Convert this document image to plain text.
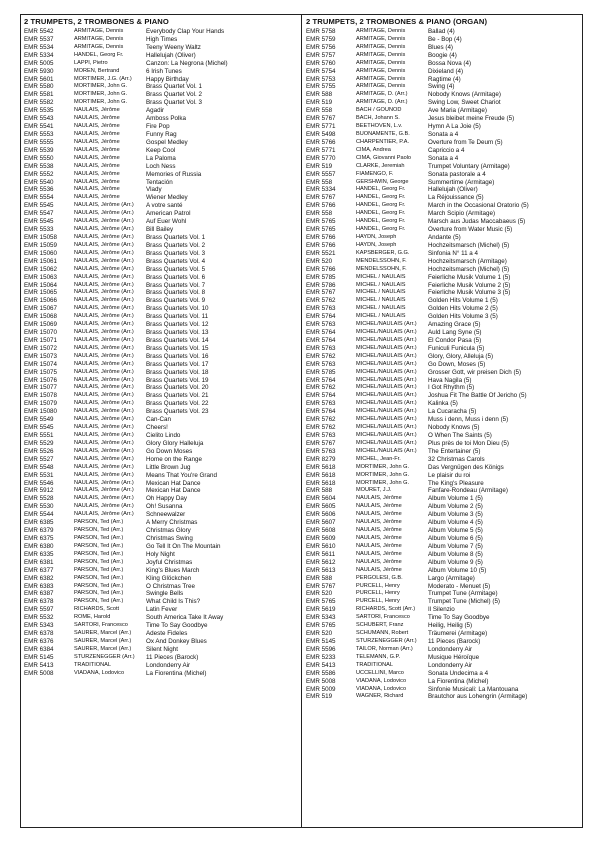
2 TRUMPETS, 2 TROMBONES & PIANO
EMR 5542	ARMITAGE, Dennis	Everybody Clap Your Hands
EMR 5537	ARMITAGE, Dennis	High Times
EMR 5534	ARMITAGE, Dennis	Teeny Weeny Waltz
EMR 5334	HÄNDEL, Georg Fr.	Hallelujah (Oliver)
EMR 5005	LAPPI, Pietro	Canzon: La Negrona (Michel)
EMR 5930	MOREN, Bertrand	6 Irish Tunes
EMR 5601	MORTIMER, J.G. (Arr.)	Happy Birthday
EMR 5580	MORTIMER, John G.	Brass Quartet Vol. 1
EMR 5581	MORTIMER, John G.	Brass Quartet Vol. 2
EMR 5582	MORTIMER, John G.	Brass Quartet Vol. 3
EMR 5535	NAULAIS, Jérôme	Agadir
EMR 5543	NAULAIS, Jérôme	Amboss Polka
EMR 5541	NAULAIS, Jérôme	Fire Pop
EMR 5553	NAULAIS, Jérôme	Funny Rag
EMR 5555	NAULAIS, Jérôme	Gospel Medley
EMR 5539	NAULAIS, Jérôme	Keep Cool
EMR 5550	NAULAIS, Jérôme	La Paloma
EMR 5538	NAULAIS, Jérôme	Loch Ness
EMR 5552	NAULAIS, Jérôme	Memories of Russia
EMR 5540	NAULAIS, Jérôme	Tentación
EMR 5536	NAULAIS, Jérôme	Vlady
EMR 5554	NAULAIS, Jérôme	Wiener Medley
EMR 5545	NAULAIS, Jérôme (Arr.)	A votre santé
EMR 5547	NAULAIS, Jérôme (Arr.)	American Patrol
EMR 5545	NAULAIS, Jérôme (Arr.)	Auf Euer Wohl
EMR 5533	NAULAIS, Jérôme (Arr.)	Bill Bailey
EMR 15058	NAULAIS, Jérôme (Arr.)	Brass Quartets Vol. 1
EMR 15059	NAULAIS, Jérôme (Arr.)	Brass Quartets Vol. 2
EMR 15060	NAULAIS, Jérôme (Arr.)	Brass Quartets Vol. 3
EMR 15061	NAULAIS, Jérôme (Arr.)	Brass Quartets Vol. 4
EMR 15062	NAULAIS, Jérôme (Arr.)	Brass Quartets Vol. 5
EMR 15063	NAULAIS, Jérôme (Arr.)	Brass Quartets Vol. 6
EMR 15064	NAULAIS, Jérôme (Arr.)	Brass Quartets Vol. 7
EMR 15065	NAULAIS, Jérôme (Arr.)	Brass Quartets Vol. 8
EMR 15066	NAULAIS, Jérôme (Arr.)	Brass Quartets Vol. 9
EMR 15067	NAULAIS, Jérôme (Arr.)	Brass Quartets Vol. 10
EMR 15068	NAULAIS, Jérôme (Arr.)	Brass Quartets Vol. 11
EMR 15069	NAULAIS, Jérôme (Arr.)	Brass Quartets Vol. 12
EMR 15070	NAULAIS, Jérôme (Arr.)	Brass Quartets Vol. 13
EMR 15071	NAULAIS, Jérôme (Arr.)	Brass Quartets Vol. 14
EMR 15072	NAULAIS, Jérôme (Arr.)	Brass Quartets Vol. 15
EMR 15073	NAULAIS, Jérôme (Arr.)	Brass Quartets Vol. 16
EMR 15074	NAULAIS, Jérôme (Arr.)	Brass Quartets Vol. 17
EMR 15075	NAULAIS, Jérôme (Arr.)	Brass Quartets Vol. 18
EMR 15076	NAULAIS, Jérôme (Arr.)	Brass Quartets Vol. 19
EMR 15077	NAULAIS, Jérôme (Arr.)	Brass Quartets Vol. 20
EMR 15078	NAULAIS, Jérôme (Arr.)	Brass Quartets Vol. 21
EMR 15079	NAULAIS, Jérôme (Arr.)	Brass Quartets Vol. 22
EMR 15080	NAULAIS, Jérôme (Arr.)	Brass Quartets Vol. 23
EMR 5549	NAULAIS, Jérôme (Arr.)	Can-Can
EMR 5545	NAULAIS, Jérôme (Arr.)	Cheers!
EMR 5551	NAULAIS, Jérôme (Arr.)	Cielito Lindo
EMR 5529	NAULAIS, Jérôme (Arr.)	Glory Glory Halleluja
EMR 5526	NAULAIS, Jérôme (Arr.)	Go Down Moses
EMR 5527	NAULAIS, Jérôme (Arr.)	Home on the Range
EMR 5548	NAULAIS, Jérôme (Arr.)	Little Brown Jug
EMR 5531	NAULAIS, Jérôme (Arr.)	Means That You're Grand
EMR 5546	NAULAIS, Jérôme (Arr.)	Mexican Hat Dance
EMR 5912	NAULAIS, Jérôme (Arr.)	Mexican Hat Dance
EMR 5528	NAULAIS, Jérôme (Arr.)	Oh Happy Day
EMR 5530	NAULAIS, Jérôme (Arr.)	Oh! Susanna
EMR 5544	NAULAIS, Jérôme (Arr.)	Schneewalzer
EMR 6385	PARSON, Ted (Arr.)	A Merry Christmas
EMR 6379	PARSON, Ted (Arr.)	Christmas Glory
EMR 6375	PARSON, Ted (Arr.)	Christmas Swing
EMR 6380	PARSON, Ted (Arr.)	Go Tell It On The Mountain
EMR 6335	PARSON, Ted (Arr.)	Holy Night
EMR 6381	PARSON, Ted (Arr.)	Joyful Christmas
EMR 6377	PARSON, Ted (Arr.)	King's Blues March
EMR 6382	PARSON, Ted (Arr.)	Kling Glöckchen
EMR 6383	PARSON, Ted (Arr.)	O Christmas Tree
EMR 6387	PARSON, Ted (Arr.)	Swingle Bells
EMR 6378	PARSON, Ted (Arr.)	What Child Is This?
EMR 5597	RICHARDS, Scott	Latin Fever
EMR 5532	ROME, Harold	South America Take It Away
EMR 5343	SARTORI, Francesco	Time To Say Goodbye
EMR 6378	SAURER, Marcel (Arr.)	Adeste Fideles
EMR 6376	SAURER, Marcel (Arr.)	Ox And Donkey Blues
EMR 6384	SAURER, Marcel (Arr.)	Silent Night
EMR 5145	STURZENEGGER (Arr.)	11 Pieces (Barock)
EMR 5413	TRADITIONAL	Londonderry Air
EMR 5008	VIADANA, Lodovico	La Fiorentina (Michel)
2 TRUMPETS, 2 TROMBONES & PIANO (ORGAN)
EMR 5758	ARMITAGE, Dennis	Ballad (4)
EMR 5759	ARMITAGE, Dennis	Be - Bop (4)
EMR 5756	ARMITAGE, Dennis	Blues (4)
EMR 5757	ARMITAGE, Dennis	Boogie (4)
EMR 5760	ARMITAGE, Dennis	Bossa Nova (4)
EMR 5754	ARMITAGE, Dennis	Dixieland (4)
EMR 5753	ARMITAGE, Dennis	Ragtime (4)
EMR 5755	ARMITAGE, Dennis	Swing (4)
EMR 588	ARMITAGE, D. (Arr.)	Nobody Knows (Armitage)
EMR 519	ARMITAGE, D. (Arr.)	Swing Low, Sweet Chariot
EMR 558	BACH / GOUNOD	Ave Maria (Armitage)
EMR 5767	BACH, Johann S.	Jesus bleibet meine Freude (5)
EMR 5771	BEETHOVEN, L.v.	Hymn A La Joie (5)
EMR 5498	BUONAMENTE, G.B.	Sonata a 4
EMR 5766	CHARPENTIER, P.A.	Overture from Te Deum (5)
EMR 5771	CIMA, Andrea	Capriccio a 4
EMR 5770	CIMA, Giovanni Paolo	Sonata a 4
EMR 519	CLARKE, Jeremiah	Trumpet Voluntary (Armitage)
EMR 5557	FIAMENGO, F.	Sonata pastorale a 4
EMR 558	GERSHWIN, George	Summertime (Armitage)
EMR 5334	HÄNDEL, Georg Fr.	Hallelujah (Oliver)
EMR 5767	HÄNDEL, Georg Fr.	La Réjouissance (5)
EMR 5766	HÄNDEL, Georg Fr.	March in the Occasional Oratorio (5)
EMR 558	HÄNDEL, Georg Fr.	March Scipio (Armitage)
EMR 5765	HÄNDEL, Georg Fr.	Marsch aus Judas Maccabaeus (5)
EMR 5765	HÄNDEL, Georg Fr.	Overture from Water Music (5)
EMR 5766	HAYDN, Joseph	Andante (5)
EMR 5766	HAYDN, Joseph	Hochzeitsmarsch (Michel) (5)
EMR 5521	KAPSBERGER, G.G.	Sinfonia N° 11 a 4
EMR 520	MENDELSSOHN, F.	Hochzeitsmarsch (Armitage)
EMR 5766	MENDELSSOHN, F.	Hochzeitsmarsch (Michel) (5)
EMR 5785	MICHEL / NAULAIS	Feierliche Musik Volume 1 (5)
EMR 5786	MICHEL / NAULAIS	Feierliche Musik Volume 2 (5)
EMR 5767	MICHEL / NAULAIS	Feierliche Musik Volume 3 (5)
EMR 5762	MICHEL / NAULAIS	Golden Hits Volume 1 (5)
EMR 5763	MICHEL / NAULAIS	Golden Hits Volume 2 (5)
EMR 5764	MICHEL / NAULAIS	Golden Hits Volume 3 (5)
EMR 5763	MICHEL/NAULAIS (Arr.)	Amazing Grace (5)
EMR 5764	MICHEL/NAULAIS (Arr.)	Auld Lang Syne (5)
EMR 5764	MICHEL/NAULAIS (Arr.)	El Condor Pasa (5)
EMR 5763	MICHEL/NAULAIS (Arr.)	Funiculi Funicula (5)
EMR 5762	MICHEL/NAULAIS (Arr.)	Glory, Glory, Alleluja (5)
EMR 5763	MICHEL/NAULAIS (Arr.)	Go Down, Moses (5)
EMR 5785	MICHEL/NAULAIS (Arr.)	Grosser Gott, wir preisen Dich (5)
EMR 5764	MICHEL/NAULAIS (Arr.)	Hava Nagila (5)
EMR 5762	MICHEL/NAULAIS (Arr.)	I Got Rhythm (5)
EMR 5764	MICHEL/NAULAIS (Arr.)	Joshua Fit The Battle Of Jericho (5)
EMR 5763	MICHEL/NAULAIS (Arr.)	Kalinka (5)
EMR 5764	MICHEL/NAULAIS (Arr.)	La Cucaracha (5)
EMR 5762	MICHEL/NAULAIS (Arr.)	Muss i denn, Muss i denn (5)
EMR 5762	MICHEL/NAULAIS (Arr.)	Nobody Knows (5)
EMR 5763	MICHEL/NAULAIS (Arr.)	O When The Saints (5)
EMR 5767	MICHEL/NAULAIS (Arr.)	Plus près de toi Mon Dieu (5)
EMR 5763	MICHEL/NAULAIS (Arr.)	The Entertainer (5)
EMR 8279	MICHEL, Jean-Fr.	32 Christmas Carols
EMR 5618	MORTIMER, John G.	Das Vergnügen des Königs
EMR 5618	MORTIMER, John G.	Le plaisir du roi
EMR 5618	MORTIMER, John G.	The King's Pleasure
EMR 588	MOURET, J.J.	Fanfare-Rondeau (Armitage)
EMR 5604	NAULAIS, Jérôme	Album Volume 1 (5)
EMR 5605	NAULAIS, Jérôme	Album Volume 2 (5)
EMR 5606	NAULAIS, Jérôme	Album Volume 3 (5)
EMR 5607	NAULAIS, Jérôme	Album Volume 4 (5)
EMR 5608	NAULAIS, Jérôme	Album Volume 5 (5)
EMR 5609	NAULAIS, Jérôme	Album Volume 6 (5)
EMR 5610	NAULAIS, Jérôme	Album Volume 7 (5)
EMR 5611	NAULAIS, Jérôme	Album Volume 8 (5)
EMR 5612	NAULAIS, Jérôme	Album Volume 9 (5)
EMR 5613	NAULAIS, Jérôme	Album Volume 10 (5)
EMR 588	PERGOLESI, G.B.	Largo (Armitage)
EMR 5767	PURCELL, Henry	Moderato - Menuet (5)
EMR 520	PURCELL, Henry	Trumpet Tune (Armitage)
EMR 5765	PURCELL, Henry	Trumpet Tune (Michel) (5)
EMR 5619	RICHARDS, Scott (Arr.)	Il Silenzio
EMR 5343	SARTORI, Francesco	Time To Say Goodbye
EMR 5765	SCHUBERT, Franz	Heilig, Heilig (5)
EMR 520	SCHUMANN, Robert	Träumerei (Armitage)
EMR 5145	STURZENEGGER (Arr.)	11 Pieces (Barock)
EMR 5596	TAILOR, Norman (Arr.)	Londonderry Air
EMR 5233	TELEMANN, G.P.	Musique Héroïque
EMR 5413	TRADITIONAL	Londonderry Air
EMR 5586	UCCELLINI, Marco	Sonata Undecima a 4
EMR 5008	VIADANA, Lodovico	La Fiorentina (Michel)
EMR 5009	VIADANA, Lodovico	Sinfonie Musicali: La Mantouana
EMR 519	WAGNER, Richard	Brautchor aus Lohengrin (Armitage)
